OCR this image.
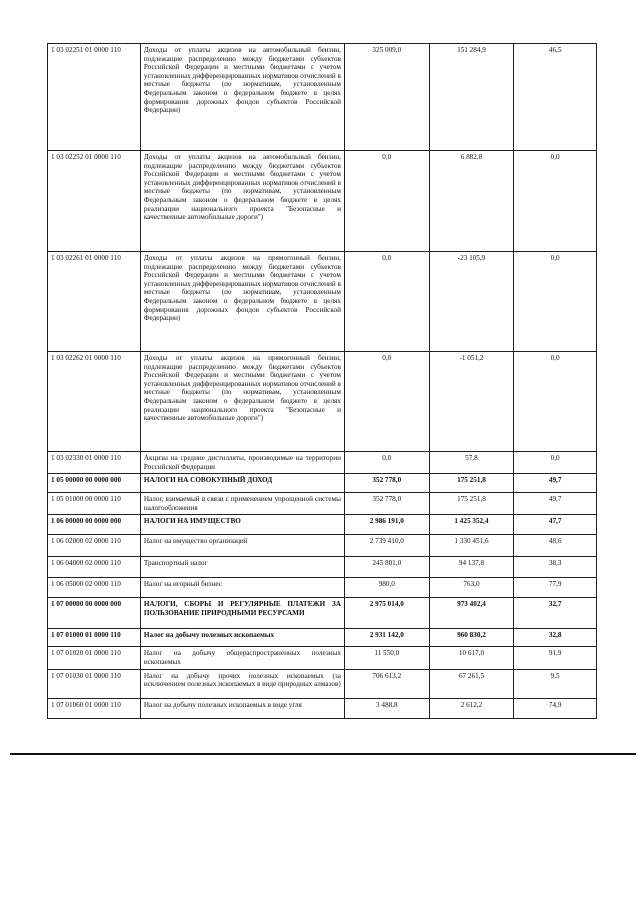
1 03 02251 01 0000 110	Доходы от уплаты акцизов на автомобильный бензин, подлежащие распределению между бюджетами субъектов Российской Федерации и местными бюджетами с учетом установленных дифференцированных нормативов отчислений в местные бюджеты (по нормативам, установленным Федеральным законом о федеральном бюджете в целях формирования дорожных фондов субъектов Российской Федерации)	325 009,0	151 284,9	46,5
1 03 02252 01 0000 110	Доходы от уплаты акцизов на автомобильный бензин, подлежащие распределению между бюджетами субъектов Российской Федерации и местными бюджетами с учетом установленных дифференцированных нормативов отчислений в местные бюджеты (по нормативам, установленным Федеральным законом о федеральном бюджете в целях реализации национального проекта "Безопасные и качественные автомобильные дороги")	0,0	6 882,8	0,0
1 03 02261 01 0000 110	Доходы от уплаты акцизов на прямогонный бензин, подлежащие распределению между бюджетами субъектов Российской Федерации и местными бюджетами с учетом установленных дифференцированных нормативов отчислений в местные бюджеты (по нормативам, установленным Федеральным законом о федеральном бюджете в целях формирования дорожных фондов субъектов Российской Федерации)	0,0	-23 105,9	0,0
1 03 02262 01 0000 110	Доходы от уплаты акцизов на прямогонный бензин, подлежащие распределению между бюджетами субъектов Российской Федерации и местными бюджетами с учетом установленных дифференцированных нормативов отчислений в местные бюджеты (по нормативам, установленным Федеральным законом о федеральном бюджете в целях реализации национального проекта "Безопасные и качественные автомобильные дороги")	0,0	-1 051,2	0,0
1 03 02330 01 0000 110	Акцизы на средние дистилляты, производимые на территории Российской Федерации	0,0	57,8	0,0
1 05 00000 00 0000 000	НАЛОГИ НА СОВОКУПНЫЙ ДОХОД	352 778,0	175 251,8	49,7
1 05 01000 00 0000 110	Налог, взимаемый в связи с применением упрощенной системы налогообложения	352 778,0	175 251,8	49,7
1 06 00000 00 0000 000	НАЛОГИ НА ИМУЩЕСТВО	2 986 191,0	1 425 352,4	47,7
1 06 02000 02 0000 110	Налог на имущество организаций	2 739 410,0	1 330 451,6	48,6
1 06 04000 02 0000 110	Транспортный налог	245 801,0	94 137,8	38,3
1 06 05000 02 0000 110	Налог на игорный бизнес	980,0	763,0	77,9
1 07 00000 00 0000 000	НАЛОГИ, СБОРЫ И РЕГУЛЯРНЫЕ ПЛАТЕЖИ ЗА ПОЛЬЗОВАНИЕ ПРИРОДНЫМИ РЕСУРСАМИ	2 975 014,0	973 402,4	32,7
1 07 01000 01 0000 110	Налог на добычу полезных ископаемых	2 931 142,0	960 830,2	32,8
1 07 01020 01 0000 110	Налог на добычу общераспространенных полезных ископаемых	11 550,0	10 617,0	91,9
1 07 01030 01 0000 110	Налог на добычу прочих полезных ископаемых (за исключением полезных ископаемых в виде природных алмазов)	706 613,2	67 261,5	9,5
1 07 01060 01 0000 110	Налог на добычу полезных ископаемых в виде угля	3 488,8	2 612,2	74,9
